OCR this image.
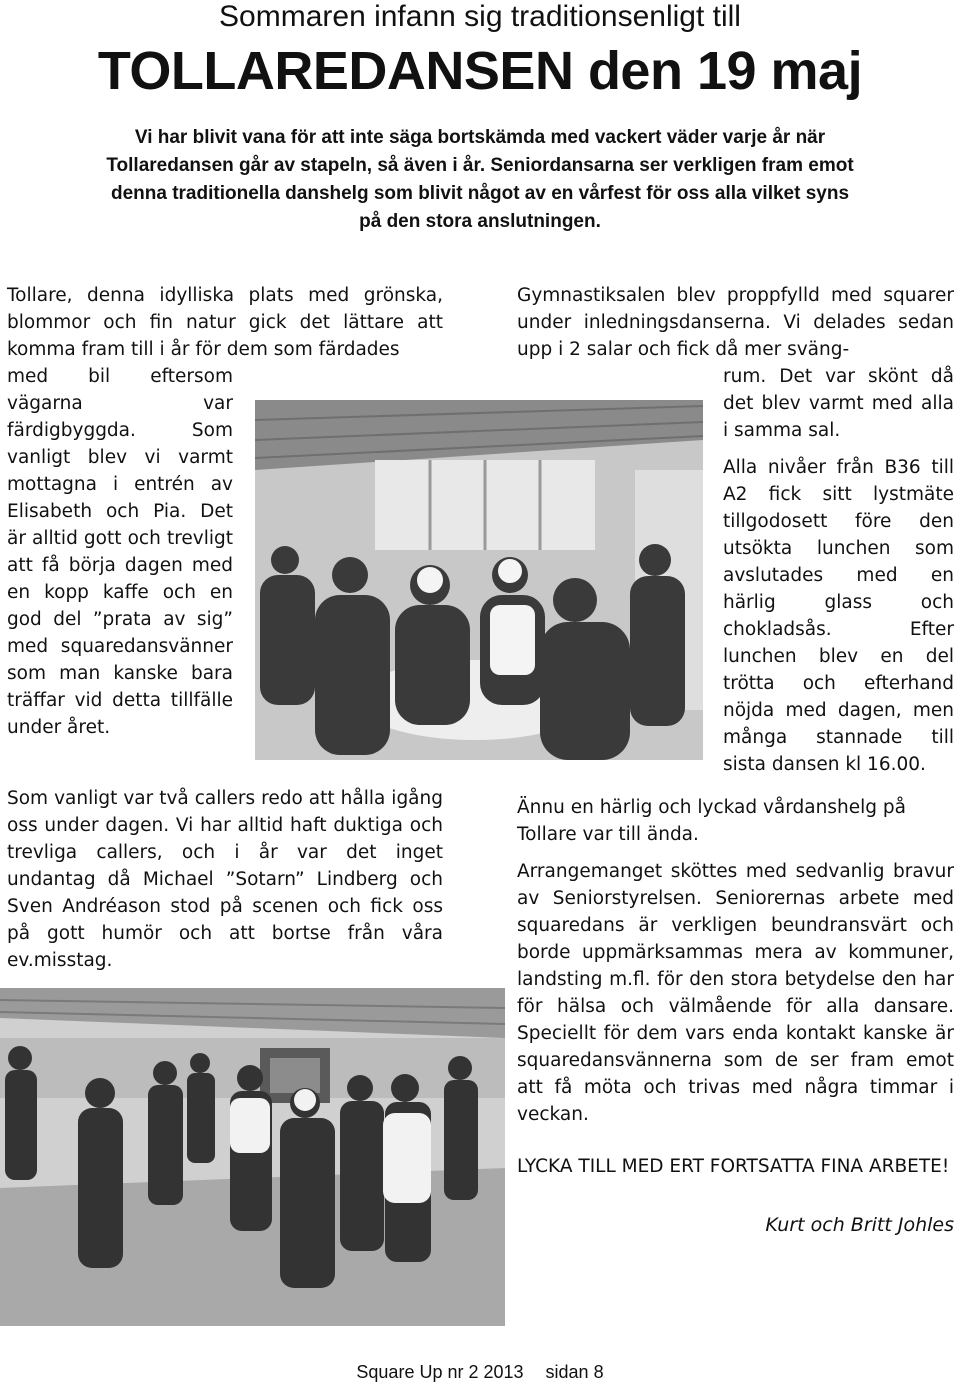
Sommaren infann sig traditionsenligt till
TOLLAREDANSEN den 19 maj
Vi har blivit vana för att inte säga bortskämda med vackert väder varje år när
Tollaredansen går av stapeln, så även i år. Seniordansarna ser verkligen fram emot
denna traditionella danshelg som blivit något av en vårfest för oss alla vilket syns
på den stora anslutningen.
Tollare, denna idylliska plats med grönska, blommor och fin natur gick det lättare att komma fram till i år för dem som färdades
med bil eftersom vägarna var färdigbyggda. Som vanligt blev vi varmt mottagna i entrén av Elisabeth och Pia. Det är alltid gott och trevligt att få börja dagen med en kopp kaffe och en god del ”prata av sig” med squaredansvänner som man kanske bara träffar vid detta tillfälle under året.
Som vanligt var två callers redo att hålla igång oss under dagen. Vi har alltid haft duktiga och trevliga callers, och i år var det inget undantag då Michael ”Sotarn” Lindberg och Sven Andréason stod på scenen och fick oss på gott humör och att bortse från våra ev.misstag.
Gymnastiksalen blev proppfylld med squarer under inledningsdanserna. Vi delades sedan upp i 2 salar och fick då mer sväng-

rum. Det var skönt då det blev varmt med alla i samma sal.

Alla nivåer från B36 till A2 fick sitt lystmäte tillgodosett före den utsökta lunchen som avslutades med en härlig glass och chokladsås. Efter lunchen blev en del trötta och efterhand nöjda med dagen, men många stannade till sista dansen kl 16.00.

Ännu en härlig och lyckad vårdanshelg på Tollare var till ända.

Arrangemanget sköttes med sedvanlig bravur av Seniorstyrelsen. Seniorernas arbete med squaredans är verkligen beundransvärt och borde uppmärksammas mera av kommuner, landsting m.fl. för den stora betydelse den har för hälsa och välmående för alla dansare. Speciellt för dem vars enda kontakt kanske är squaredansvännerna som de ser fram emot att få möta och trivas med några timmar i veckan.

LYCKA TILL MED ERT FORTSATTA FINA ARBETE!

Kurt och Britt Johles
Square Up nr 2 2013 sidan 8
